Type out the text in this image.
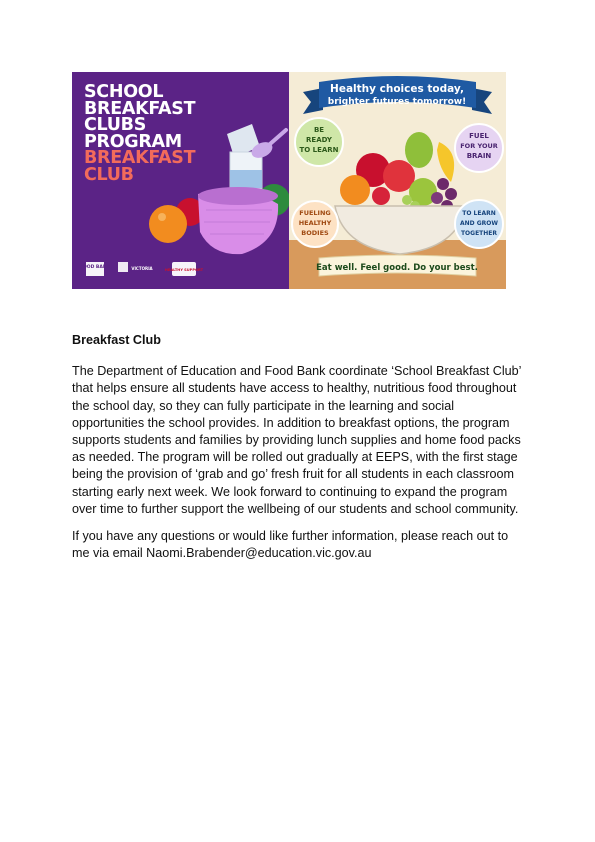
SCHOOL
BREAKFAST
CLUBS
PROGRAM
BREAKFAST
CLUB
FOOD BANK	VICTORIA	HEALTHY SUPPORT
Healthy choices today,
brighter futures tomorrow!
BE
READY
TO LEARN
FUEL
FOR YOUR
BRAIN
FUELING
HEALTHY
BODIES
TO LEARN
AND GROW
TOGETHER
Eat well. Feel good. Do your best.
Breakfast Club

The Department of Education and Food Bank coordinate ‘School Breakfast Club’ that helps ensure all students have access to healthy, nutritious food throughout the school day, so they can fully participate in the learning and social opportunities the school provides. In addition to breakfast options, the program supports students and families by providing lunch supplies and home food packs as needed. The program will be rolled out gradually at EEPS, with the first stage being the provision of ‘grab and go’ fresh fruit for all students in each classroom starting early next week. We look forward to continuing to expand the program over time to further support the wellbeing of our students and school community.

If you have any questions or would like further information, please reach out to me via email Naomi.Brabender@education.vic.gov.au
